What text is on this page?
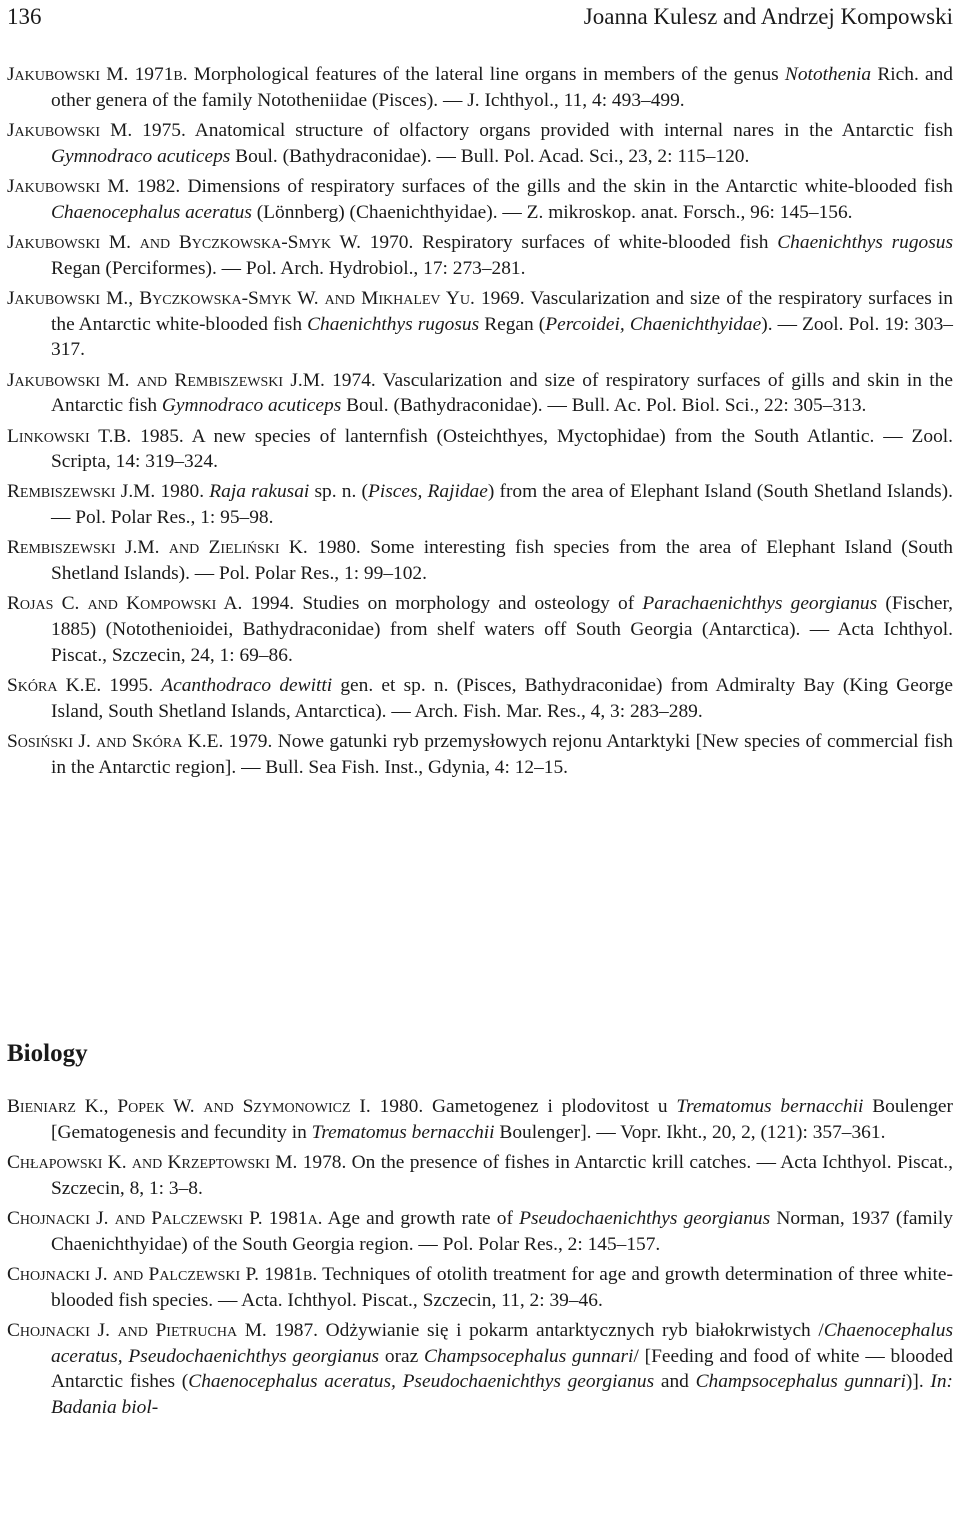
136	Joanna Kulesz and Andrzej Kompowski

Jakubowski M. 1971b. Morphological features of the lateral line organs in members of the genus Notothenia Rich. and other genera of the family Nototheniidae (Pisces). — J. Ichthyol., 11, 4: 493–499.

Jakubowski M. 1975. Anatomical structure of olfactory organs provided with internal nares in the Antarctic fish Gymnodraco acuticeps Boul. (Bathydraconidae). — Bull. Pol. Acad. Sci., 23, 2: 115–120.

Jakubowski M. 1982. Dimensions of respiratory surfaces of the gills and the skin in the Antarctic white-blooded fish Chaenocephalus aceratus (Lönnberg) (Chaenichthyidae). — Z. mikroskop. anat. Forsch., 96: 145–156.

Jakubowski M. and Byczkowska-Smyk W. 1970. Respiratory surfaces of white-blooded fish Chaenichthys rugosus Regan (Perciformes). — Pol. Arch. Hydrobiol., 17: 273–281.

Jakubowski M., Byczkowska-Smyk W. and Mikhalev Yu. 1969. Vascularization and size of the respiratory surfaces in the Antarctic white-blooded fish Chaenichthys rugosus Regan (Percoidei, Chaenichthyidae). — Zool. Pol. 19: 303–317.

Jakubowski M. and Rembiszewski J.M. 1974. Vascularization and size of respiratory surfaces of gills and skin in the Antarctic fish Gymnodraco acuticeps Boul. (Bathydraconidae). — Bull. Ac. Pol. Biol. Sci., 22: 305–313.

Linkowski T.B. 1985. A new species of lanternfish (Osteichthyes, Myctophidae) from the South Atlantic. — Zool. Scripta, 14: 319–324.

Rembiszewski J.M. 1980. Raja rakusai sp. n. (Pisces, Rajidae) from the area of Elephant Island (South Shetland Islands). — Pol. Polar Res., 1: 95–98.

Rembiszewski J.M. and Zieliński K. 1980. Some interesting fish species from the area of Elephant Island (South Shetland Islands). — Pol. Polar Res., 1: 99–102.

Rojas C. and Kompowski A. 1994. Studies on morphology and osteology of Parachaenichthys georgianus (Fischer, 1885) (Notothenioidei, Bathydraconidae) from shelf waters off South Georgia (Antarctica). — Acta Ichthyol. Piscat., Szczecin, 24, 1: 69–86.

Skóra K.E. 1995. Acanthodraco dewitti gen. et sp. n. (Pisces, Bathydraconidae) from Admiralty Bay (King George Island, South Shetland Islands, Antarctica). — Arch. Fish. Mar. Res., 4, 3: 283–289.

Sosiński J. and Skóra K.E. 1979. Nowe gatunki ryb przemysłowych rejonu Antarktyki [New species of commercial fish in the Antarctic region]. — Bull. Sea Fish. Inst., Gdynia, 4: 12–15.

Biology

Bieniarz K., Popek W. and Szymonowicz I. 1980. Gametogenez i plodovitost u Trematomus bernacchii Boulenger [Gematogenesis and fecundity in Trematomus bernacchii Boulenger]. — Vopr. Ikht., 20, 2, (121): 357–361.

Chłapowski K. and Krzeptowski M. 1978. On the presence of fishes in Antarctic krill catches. — Acta Ichthyol. Piscat., Szczecin, 8, 1: 3–8.

Chojnacki J. and Palczewski P. 1981a. Age and growth rate of Pseudochaenichthys georgianus Norman, 1937 (family Chaenichthyidae) of the South Georgia region. — Pol. Polar Res., 2: 145–157.

Chojnacki J. and Palczewski P. 1981b. Techniques of otolith treatment for age and growth determination of three white-blooded fish species. — Acta. Ichthyol. Piscat., Szczecin, 11, 2: 39–46.

Chojnacki J. and Pietrucha M. 1987. Odżywianie się i pokarm antarktycznych ryb białokrwistych /Chaenocephalus aceratus, Pseudochaenichthys georgianus oraz Champsocephalus gunnari/ [Feeding and food of white — blooded Antarctic fishes (Chaenocephalus aceratus, Pseudochaenichthys georgianus and Champsocephalus gunnari)]. In: Badania biol-
